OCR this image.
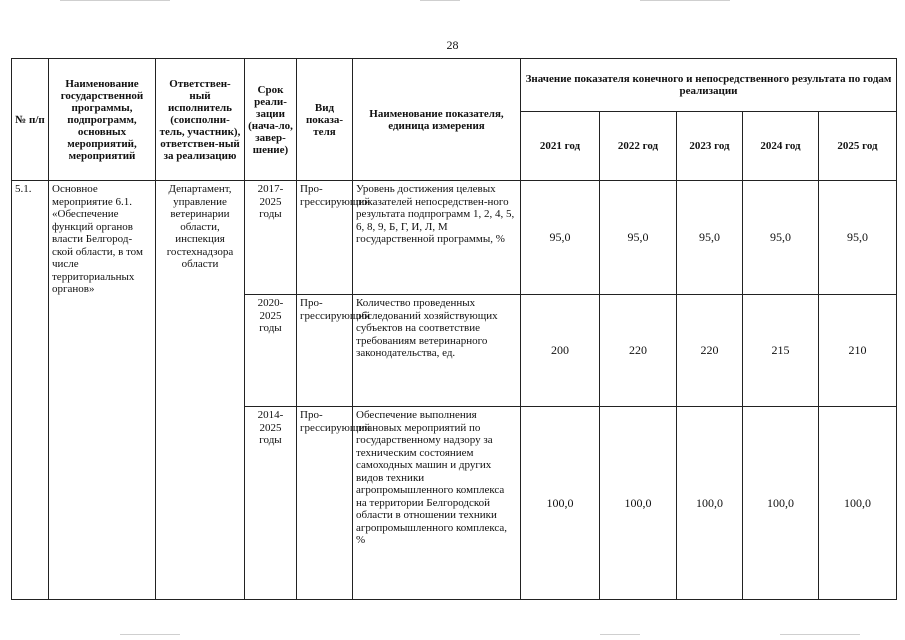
28
№ п/п	Наименование государственной программы, подпрограмм, основных мероприятий, мероприятий	Ответствен-ный исполнитель (соисполни-тель, участник), ответствен-ный за реализацию	Срок реали-зации (нача-ло, завер-шение)	Вид показа-теля	Наименование показателя, единица измерения	Значение показателя конечного и непосредственного результата по годам реализации				
						2021 год	2022 год	2023 год	2024 год	2025 год
5.1.	Основное мероприятие 6.1. «Обеспечение функций органов власти Белгород-ской области, в том числе территориальных органов»	Департамент, управление ветеринарии области, инспекция гостехнадзора области	2017-2025 годы	Про-грессирующий	Уровень достижения целевых показателей непосредствен-ного результата подпрограмм 1, 2, 4, 5, 6, 8, 9, Б, Г, И, Л, М государственной программы, %	95,0	95,0	95,0	95,0	95,0
			2020-2025 годы	Про-грессирующий	Количество проведенных обследований хозяйствующих субъектов на соответствие требованиям ветеринарного законодательства, ед.	200	220	220	215	210
			2014-2025 годы	Про-грессирующий	Обеспечение выполнения плановых мероприятий по государственному надзору за техническим состоянием самоходных машин и других видов техники агропромышленного комплекса на территории Белгородской области в отношении техники агропромышленного комплекса, %	100,0	100,0	100,0	100,0	100,0
